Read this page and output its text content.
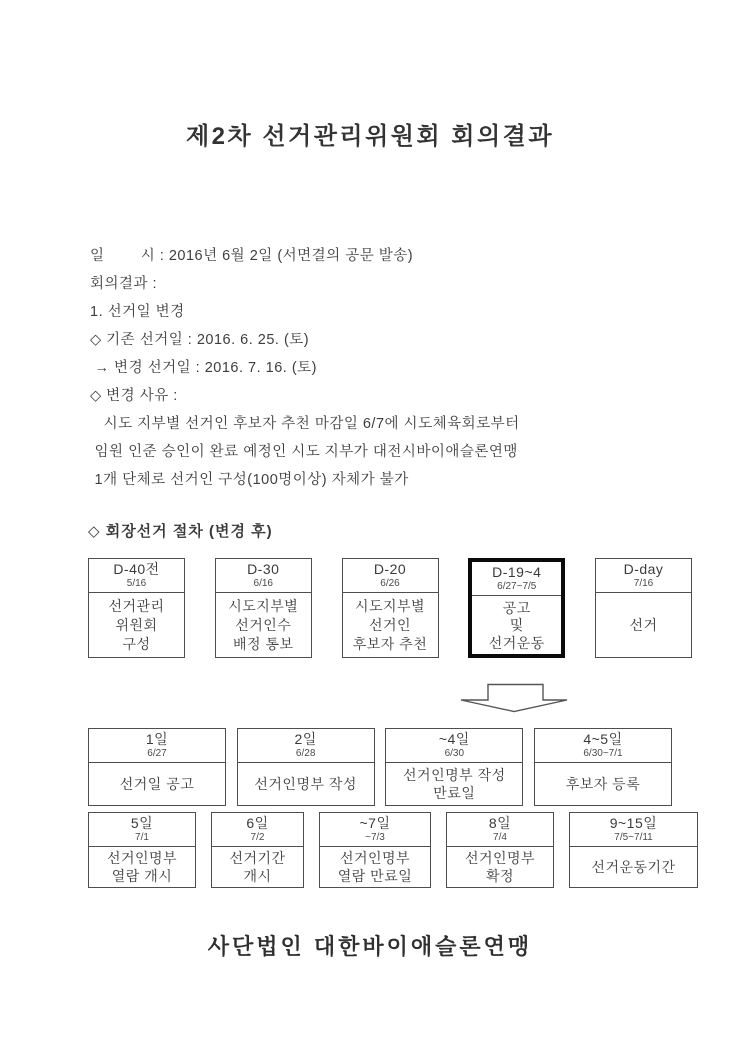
제2차 선거관리위원회 회의결과
일        시 : 2016년 6월 2일 (서면결의 공문 발송)
회의결과 :
1. 선거일 변경
◇ 기존 선거일 : 2016. 6. 25. (토)
→ 변경 선거일 : 2016. 7. 16. (토)
◇ 변경 사유 :
시도 지부별 선거인 후보자 추천 마감일 6/7에 시도체육회로부터
임원 인준 승인이 완료 예정인 시도 지부가 대전시바이애슬론연맹
1개 단체로 선거인 구성(100명이상) 자체가 불가
◇ 회장선거 절차 (변경 후)
D-40전
5/16
선거관리
위원회
구성
D-30
6/16
시도지부별
선거인수
배정 통보
D-20
6/26
시도지부별
선거인
후보자 추천
D-19~4
6/27~7/5
공고
및
선거운동
D-day
7/16
선거
1일
6/27
선거일 공고
2일
6/28
선거인명부 작성
~4일
6/30
선거인명부 작성
만료일
4~5일
6/30~7/1
후보자 등록
5일
7/1
선거인명부
열람 개시
6일
7/2
선거기간
개시
~7일
~7/3
선거인명부
열람 만료일
8일
7/4
선거인명부
확정
9~15일
7/5~7/11
선거운동기간
사단법인 대한바이애슬론연맹
